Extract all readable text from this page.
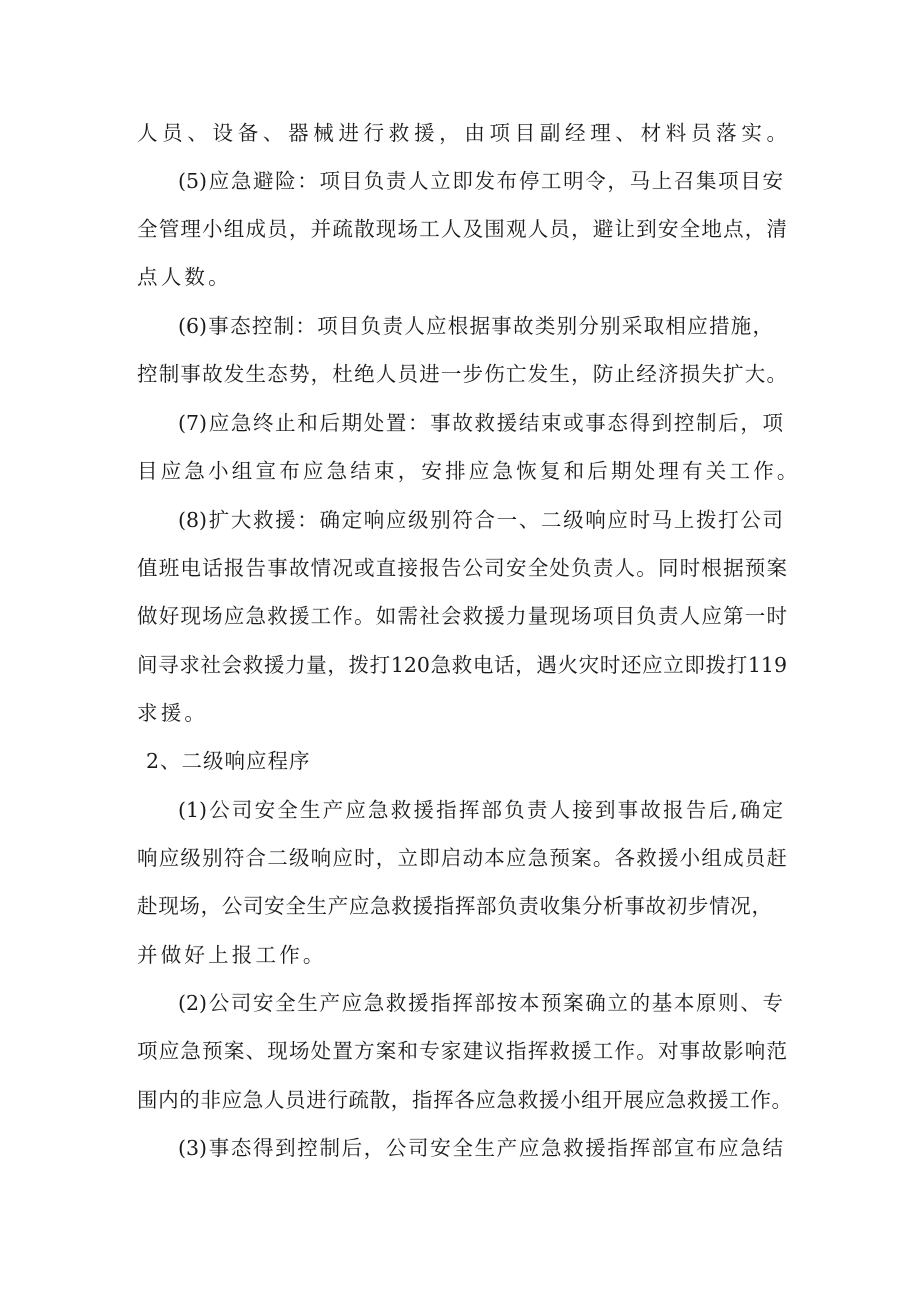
人员、设备、器械进行救援，由项目副经理、材料员落实。
(5)应急避险：项目负责人立即发布停工明令，马上召集项目安
全管理小组成员，并疏散现场工人及围观人员，避让到安全地点，清
点人数。
(6)事态控制：项目负责人应根据事故类别分别采取相应措施，
控制事故发生态势，杜绝人员进一步伤亡发生，防止经济损失扩大。
(7)应急终止和后期处置：事故救援结束或事态得到控制后，项
目应急小组宣布应急结束，安排应急恢复和后期处理有关工作。
(8)扩大救援：确定响应级别符合一、二级响应时马上拨打公司
值班电话报告事故情况或直接报告公司安全处负责人。同时根据预案
做好现场应急救援工作。如需社会救援力量现场项目负责人应第一时
间寻求社会救援力量，拨打120急救电话，遇火灾时还应立即拨打119
求援。
2、二级响应程序
(1)公司安全生产应急救援指挥部负责人接到事故报告后,确定
响应级别符合二级响应时，立即启动本应急预案。各救援小组成员赶
赴现场，公司安全生产应急救援指挥部负责收集分析事故初步情况，
并做好上报工作。
(2)公司安全生产应急救援指挥部按本预案确立的基本原则、专
项应急预案、现场处置方案和专家建议指挥救援工作。对事故影响范
围内的非应急人员进行疏散，指挥各应急救援小组开展应急救援工作。
(3)事态得到控制后，公司安全生产应急救援指挥部宣布应急结
